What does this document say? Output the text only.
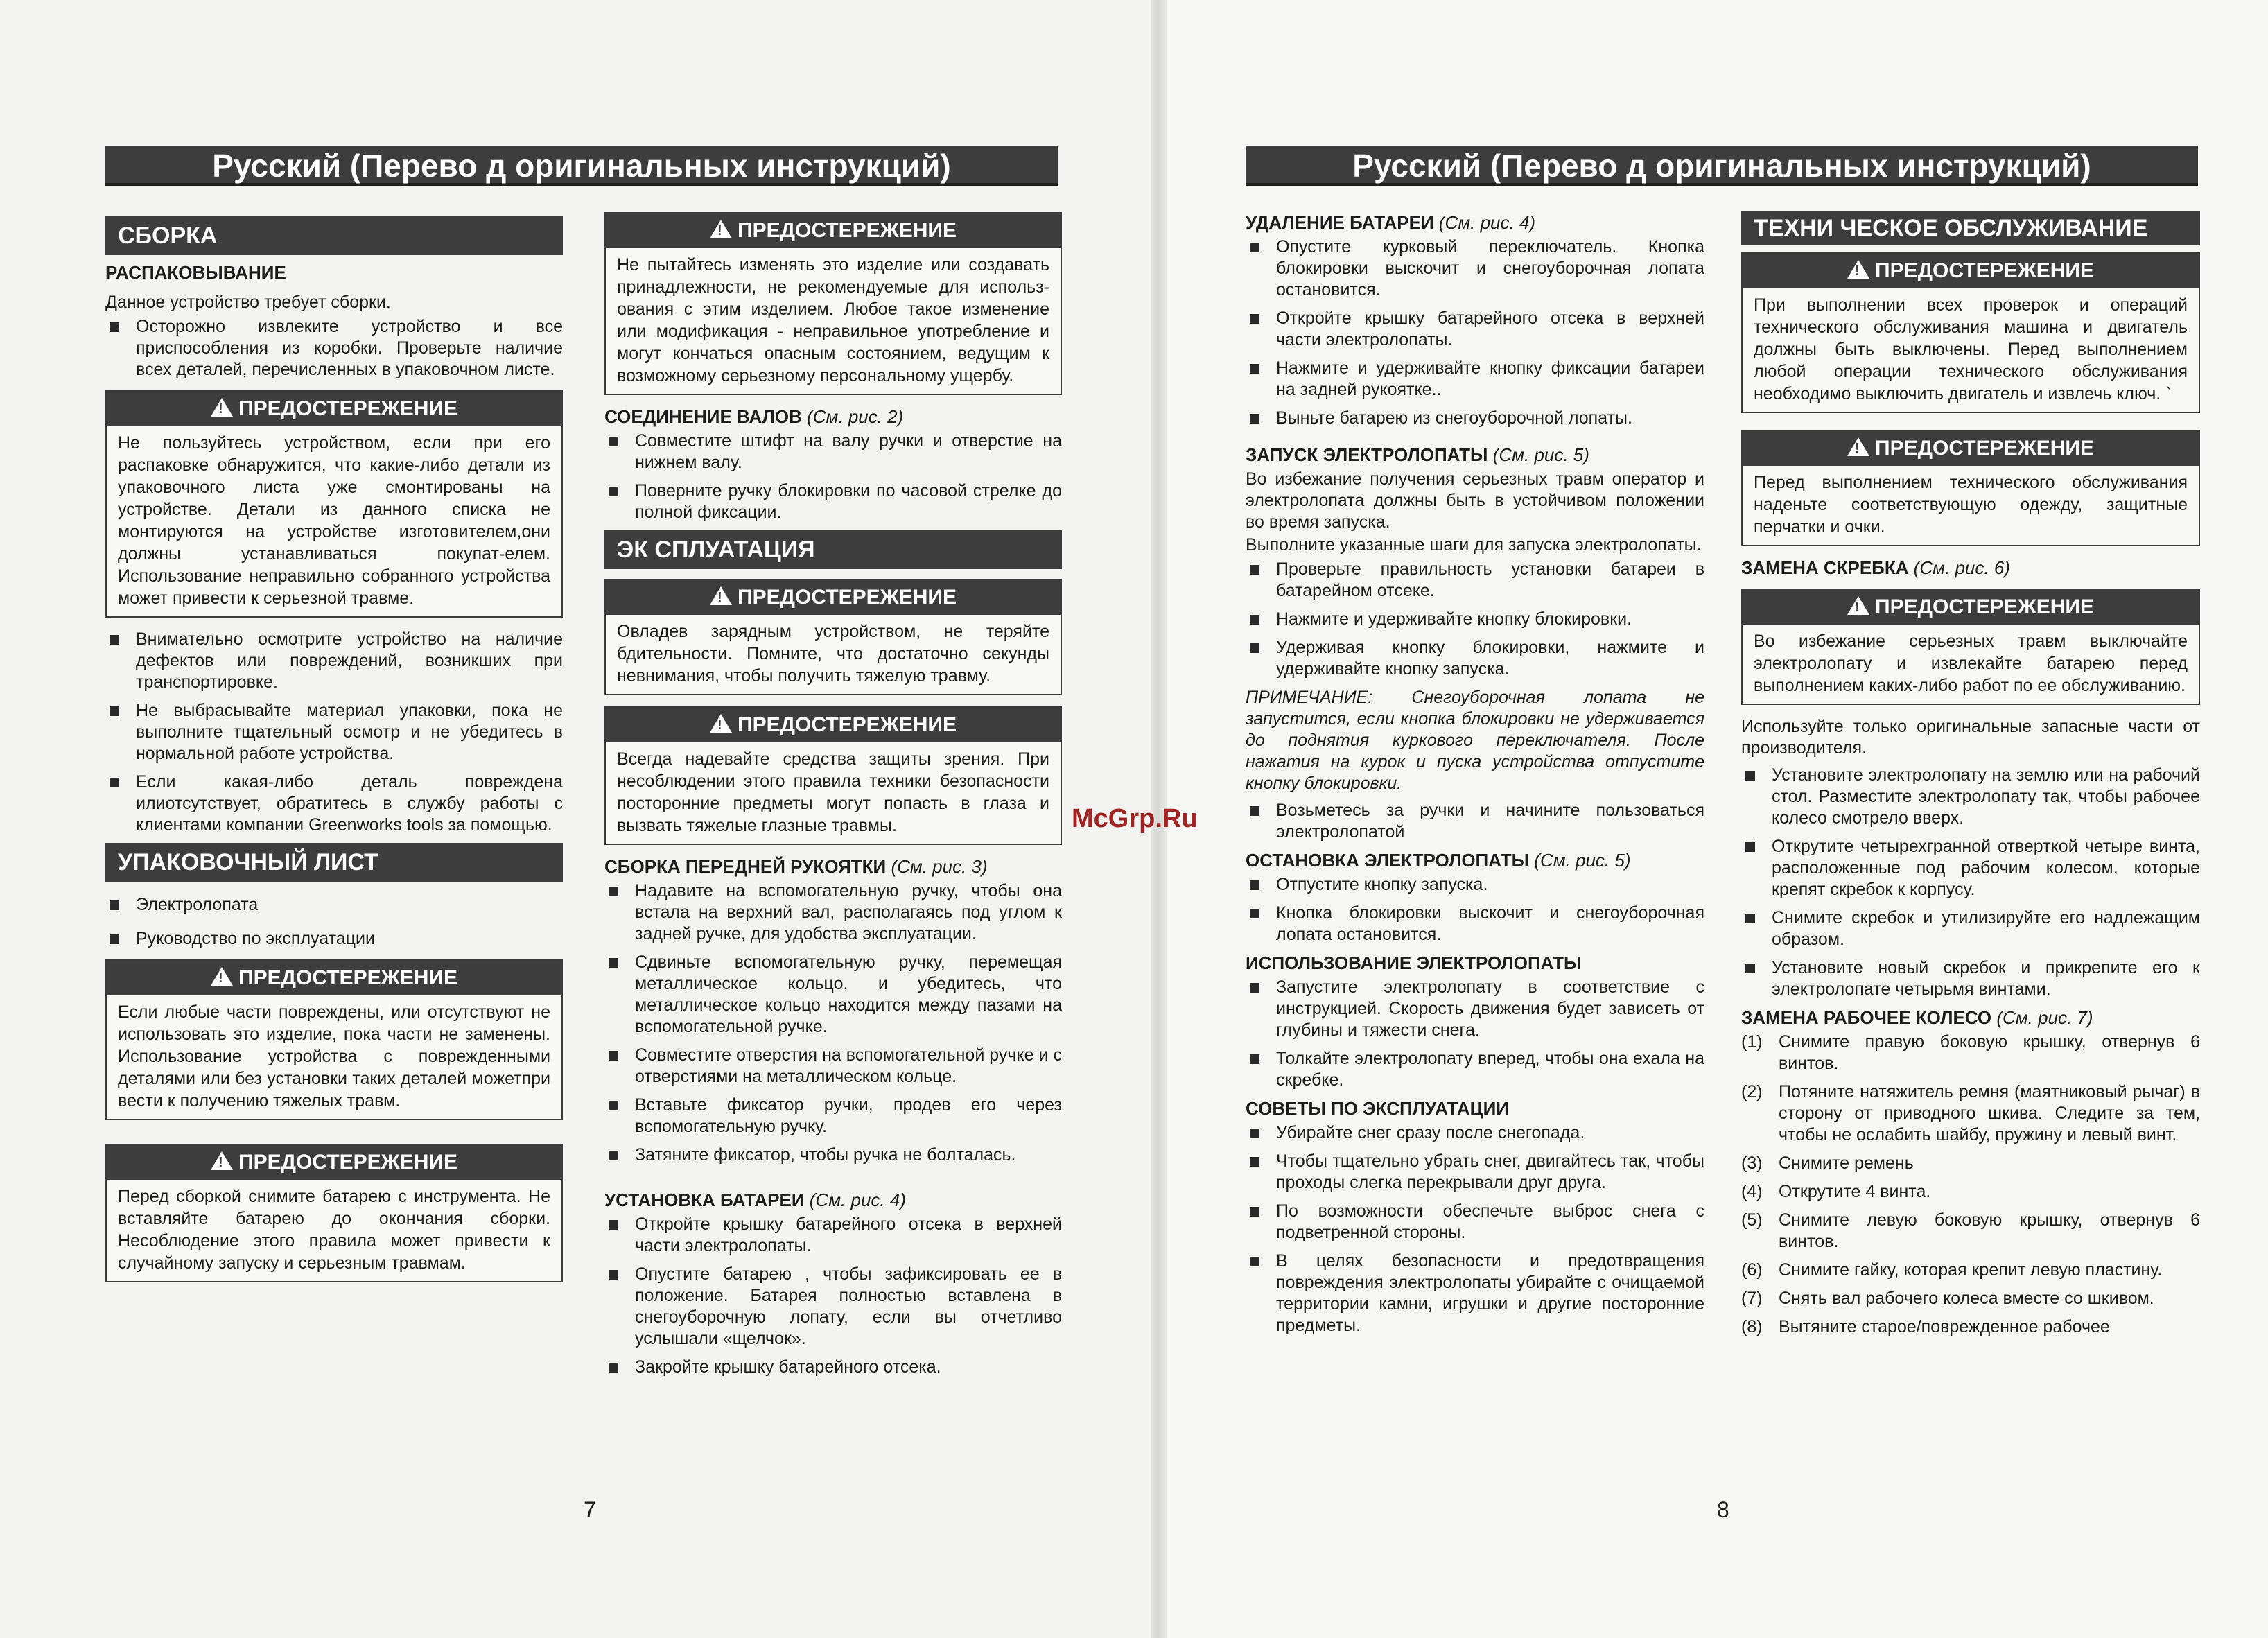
Русский (Перево д оригинальных инструкций)	Русский (Перево д оригинальных инструкций)
СБОРКА
РАСПАКОВЫВАНИЕ
Данное устройство требует сборки.
Осторожно извлеките устройство и все приспособления из коробки. Проверьте наличие всех деталей, перечисленных в упаковочном листе.
!ПРЕДОСТЕРЕЖЕНИЕ
Не пользуйтесь устройством, если при его распаковке обнаружится, что какие-либо детали из упаковочного листа уже смонтированы на устройстве. Детали из данного списка не монтируются на устройстве изготовителем,они должны устанавливаться покупат-елем. Использование неправильно собранного устройства может привести к серьезной травме.
Внимательно осмотрите устройство на наличие дефектов или повреждений, возникших при транспортировке.
Не выбрасывайте материал упаковки, пока не выполните тщательный осмотр и не убедитесь в нормальной работе устройства.
Если какая-либо деталь повреждена илиотсутствует, обратитесь в службу работы с клиентами компании Greenworks tools за помощью.
УПАКОВОЧНЫЙ ЛИСТ
Электролопата
Руководство по эксплуатации
!ПРЕДОСТЕРЕЖЕНИЕ
Если любые части повреждены, или отсутствуют не использовать это изделие, пока части не заменены. Использование устройства с поврежденными деталями или без установки таких деталей можетпри вести к получению тяжелых травм.
!ПРЕДОСТЕРЕЖЕНИЕ
Перед сборкой снимите батарею с инструмента. Не вставляйте батарею до окончания сборки. Несоблюдение этого правила может привести к случайному запуску и серьезным травмам.
!ПРЕДОСТЕРЕЖЕНИЕ
Не пытайтесь изменять это изделие или создавать принадлежности, не рекомендуемые для использ-ования с этим изделием. Любое такое изменение или модификация - неправильное употребление и могут кончаться опасным состоянием, ведущим к возможному серьезному персональному ущербу.
СОЕДИНЕНИЕ ВАЛОВ (См. рис. 2)
Совместите штифт на валу ручки и отверстие на нижнем валу.
Поверните ручку блокировки по часовой стрелке до полной фиксации.
ЭК СПЛУАТАЦИЯ
!ПРЕДОСТЕРЕЖЕНИЕ
Овладев зарядным устройством, не теряйте бдительности. Помните, что достаточно секунды невнимания, чтобы получить тяжелую травму.
!ПРЕДОСТЕРЕЖЕНИЕ
Всегда надевайте средства защиты зрения. При несоблюдении этого правила техники безопасности посторонние предметы могут попасть в глаза и вызвать тяжелые глазные травмы.
СБОРКА ПЕРЕДНЕЙ РУКОЯТКИ (См. рис. 3)
Надавите на вспомогательную ручку, чтобы она встала на верхний вал, располагаясь под углом к задней ручке, для удобства эксплуатации.
Сдвиньте вспомогательную ручку, перемещая металлическое кольцо, и убедитесь, что металлическое кольцо находится между пазами на вспомогательной ручке.
Совместите отверстия на вспомогательной ручке и с отверстиями на металлическом кольце.
Вставьте фиксатор ручки, продев его через вспомогательную ручку.
Затяните фиксатор, чтобы ручка не болталась.
УСТАНОВКА БАТАРЕИ (См. рис. 4)
Откройте крышку батарейного отсека в верхней части электролопаты.
Опустите батарею , чтобы зафиксировать ее в положение. Батарея полностью вставлена в снегоуборочную лопату, если вы отчетливо услышали «щелчок».
Закройте крышку батарейного отсека.
7
McGrp.Ru
УДАЛЕНИЕ БАТАРЕИ (См. рис. 4)
Опустите курковый переключатель. Кнопка блокировки выскочит и снегоуборочная лопата остановится.
Откройте крышку батарейного отсека в верхней части электролопаты.
Нажмите и удерживайте кнопку фиксации батареи на задней рукоятке..
Выньте батарею из снегоуборочной лопаты.
ЗАПУСК ЭЛЕКТРОЛОПАТЫ (См. рис. 5)
Во избежание получения серьезных травм оператор и электролопата должны быть в устойчивом положении во время запуска.
Выполните указанные шаги для запуска электролопаты.
Проверьте правильность установки батареи в батарейном отсеке.
Нажмите и удерживайте кнопку блокировки.
Удерживая кнопку блокировки, нажмите и удерживайте кнопку запуска.
ПРИМЕЧАНИЕ: Снегоуборочная лопата не запустится, если кнопка блокировки не удерживается до поднятия куркового переключателя. После нажатия на курок и пуска устройства отпустите кнопку блокировки.
Возьметесь за ручки и начините пользоваться электролопатой
ОСТАНОВКА ЭЛЕКТРОЛОПАТЫ (См. рис. 5)
Отпустите кнопку запуска.
Кнопка блокировки выскочит и снегоуборочная лопата остановится.
ИСПОЛЬЗОВАНИЕ ЭЛЕКТРОЛОПАТЫ
Запустите электролопату в соответствие с инструкцией. Скорость движения будет зависеть от глубины и тяжести снега.
Толкайте электролопату вперед, чтобы она ехала на скребке.
СОВЕТЫ ПО ЭКСПЛУАТАЦИИ
Убирайте снег сразу после снегопада.
Чтобы тщательно убрать снег, двигайтесь так, чтобы проходы слегка перекрывали друг друга.
По возможности обеспечьте выброс снега с подветренной стороны.
В целях безопасности и предотвращения повреждения электролопаты убирайте с очищаемой территории камни, игрушки и другие посторонние предметы.
ТЕХНИ ЧЕСКОЕ ОБСЛУЖИВАНИЕ
!ПРЕДОСТЕРЕЖЕНИЕ
При выполнении всех проверок и операций технического обслуживания машина и двигатель должны быть выключены. Перед выполнением любой операции технического обслуживания необходимо выключить двигатель и извлечь ключ. `
!ПРЕДОСТЕРЕЖЕНИЕ
Перед выполнением технического обслуживания наденьте соответствующую одежду, защитные перчатки и очки.
ЗАМЕНА СКРЕБКА (См. рис. 6)
!ПРЕДОСТЕРЕЖЕНИЕ
Во избежание серьезных травм выключайте электролопату и извлекайте батарею перед выполнением каких-либо работ по ее обслуживанию.
Используйте только оригинальные запасные части от производителя.
Установите электролопату на землю или на рабочий стол. Разместите электролопату так, чтобы рабочее колесо смотрело вверх.
Открутите четырехгранной отверткой четыре винта, расположенные под рабочим колесом, которые крепят скребок к корпусу.
Снимите скребок и утилизируйте его надлежащим образом.
Установите новый скребок и прикрепите его к электролопате четырьмя винтами.
ЗАМЕНА РАБОЧЕЕ КОЛЕСО (См. рис. 7)
(1) Снимите правую боковую крышку, отвернув 6 винтов.
(2) Потяните натяжитель ремня (маятниковый рычаг) в сторону от приводного шкива. Следите за тем, чтобы не ослабить шайбу, пружину и левый винт.
(3) Снимите ремень
(4) Открутите 4 винта.
(5) Снимите левую боковую крышку, отвернув 6 винтов.
(6) Снимите гайку, которая крепит левую пластину.
(7) Снять вал рабочего колеса вместе со шкивом.
(8) Вытяните старое/поврежденное рабочее
8
